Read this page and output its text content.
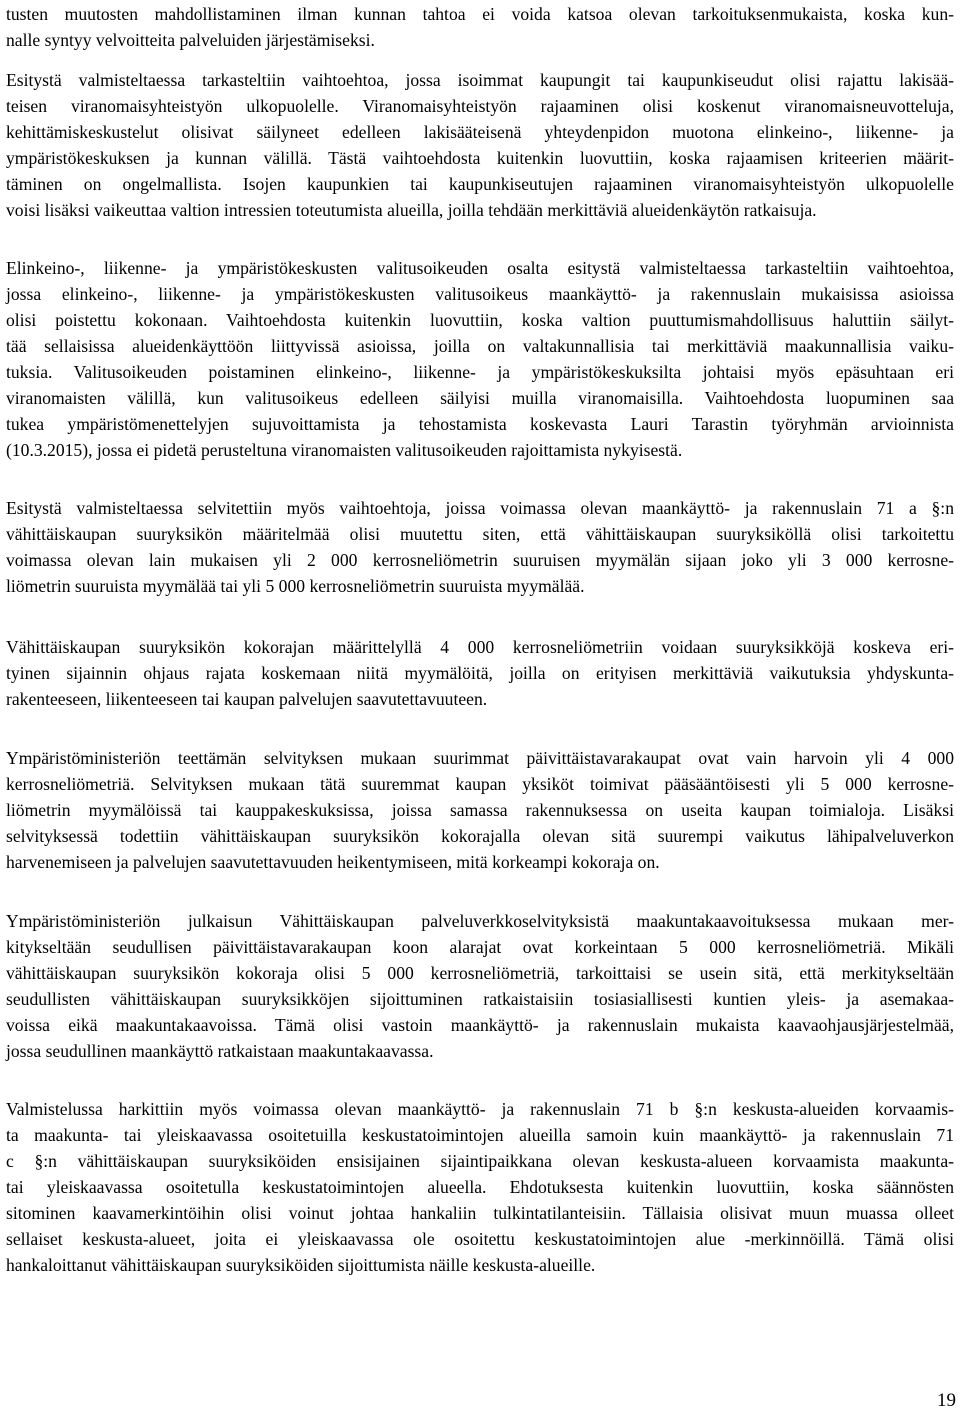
tusten muutosten mahdollistaminen ilman kunnan tahtoa ei voida katsoa olevan tarkoituksenmukaista, koska kun-
nalle syntyy velvoitteita palveluiden järjestämiseksi.
Esitystä valmisteltaessa tarkasteltiin vaihtoehtoa, jossa isoimmat kaupungit tai kaupunkiseudut olisi rajattu lakisää-
teisen viranomaisyhteistyön ulkopuolelle. Viranomaisyhteistyön rajaaminen olisi koskenut viranomaisneuvotteluja,
kehittämiskeskustelut olisivat säilyneet edelleen lakisääteisenä yhteydenpidon muotona elinkeino-, liikenne- ja
ympäristökeskuksen ja kunnan välillä. Tästä vaihtoehdosta kuitenkin luovuttiin, koska rajaamisen kriteerien määrit-
täminen on ongelmallista. Isojen kaupunkien tai kaupunkiseutujen rajaaminen viranomaisyhteistyön ulkopuolelle
voisi lisäksi vaikeuttaa valtion intressien toteutumista alueilla, joilla tehdään merkittäviä alueidenkäytön ratkaisuja.
Elinkeino-, liikenne- ja ympäristökeskusten valitusoikeuden osalta esitystä valmisteltaessa tarkasteltiin vaihtoehtoa,
jossa elinkeino-, liikenne- ja ympäristökeskusten valitusoikeus maankäyttö- ja rakennuslain mukaisissa asioissa
olisi poistettu kokonaan. Vaihtoehdosta kuitenkin luovuttiin, koska valtion puuttumismahdollisuus haluttiin säilyt-
tää sellaisissa alueidenkäyttöön liittyvissä asioissa, joilla on valtakunnallisia tai merkittäviä maakunnallisia vaiku-
tuksia. Valitusoikeuden poistaminen elinkeino-, liikenne- ja ympäristökeskuksilta johtaisi myös epäsuhtaan eri
viranomaisten välillä, kun valitusoikeus edelleen säilyisi muilla viranomaisilla. Vaihtoehdosta luopuminen saa
tukea ympäristömenettelyjen sujuvoittamista ja tehostamista koskevasta Lauri Tarastin työryhmän arvioinnista
(10.3.2015), jossa ei pidetä perusteltuna viranomaisten valitusoikeuden rajoittamista nykyisestä.
Esitystä valmisteltaessa selvitettiin myös vaihtoehtoja, joissa voimassa olevan maankäyttö- ja rakennuslain 71 a §:n
vähittäiskaupan suuryksikön määritelmää olisi muutettu siten, että vähittäiskaupan suuryksiköllä olisi tarkoitettu
voimassa olevan lain mukaisen yli 2 000 kerrosneliömetrin suuruisen myymälän sijaan joko yli 3 000 kerrosne-
liömetrin suuruista myymälää tai yli 5 000 kerrosneliömetrin suuruista myymälää.
Vähittäiskaupan suuryksikön kokorajan määrittelyllä 4 000 kerrosneliömetriin voidaan suuryksikköjä koskeva eri-
tyinen sijainnin ohjaus rajata koskemaan niitä myymälöitä, joilla on erityisen merkittäviä vaikutuksia yhdyskunta-
rakenteeseen, liikenteeseen tai kaupan palvelujen saavutettavuuteen.
Ympäristöministeriön teettämän selvityksen mukaan suurimmat päivittäistavarakaupat ovat vain harvoin yli 4 000
kerrosneliömetriä. Selvityksen mukaan tätä suuremmat kaupan yksiköt toimivat pääsääntöisesti yli 5 000 kerrosne-
liömetrin myymälöissä tai kauppakeskuksissa, joissa samassa rakennuksessa on useita kaupan toimialoja. Lisäksi
selvityksessä todettiin vähittäiskaupan suuryksikön kokorajalla olevan sitä suurempi vaikutus lähipalveluverkon
harvenemiseen ja palvelujen saavutettavuuden heikentymiseen, mitä korkeampi kokoraja on.
Ympäristöministeriön julkaisun Vähittäiskaupan palveluverkkoselvityksistä maakuntakaavoituksessa mukaan mer-
kitykseltään seudullisen päivittäistavarakaupan koon alarajat ovat korkeintaan 5 000 kerrosneliömetriä. Mikäli
vähittäiskaupan suuryksikön kokoraja olisi 5 000 kerrosneliömetriä, tarkoittaisi se usein sitä, että merkitykseltään
seudullisten vähittäiskaupan suuryksikköjen sijoittuminen ratkaistaisiin tosiasiallisesti kuntien yleis- ja asemakaa-
voissa eikä maakuntakaavoissa. Tämä olisi vastoin maankäyttö- ja rakennuslain mukaista kaavaohjausjärjestelmää,
jossa seudullinen maankäyttö ratkaistaan maakuntakaavassa.
Valmistelussa harkittiin myös voimassa olevan maankäyttö- ja rakennuslain 71 b §:n keskusta-alueiden korvaamis-
ta maakunta- tai yleiskaavassa osoitetuilla keskustatoimintojen alueilla samoin kuin maankäyttö- ja rakennuslain 71
c §:n vähittäiskaupan suuryksiköiden ensisijainen sijaintipaikkana olevan keskusta-alueen korvaamista maakunta-
tai yleiskaavassa osoitetulla keskustatoimintojen alueella. Ehdotuksesta kuitenkin luovuttiin, koska säännösten
sitominen kaavamerkintöihin olisi voinut johtaa hankaliin tulkintatilanteisiin. Tällaisia olisivat muun muassa olleet
sellaiset keskusta-alueet, joita ei yleiskaavassa ole osoitettu keskustatoimintojen alue -merkinnöillä. Tämä olisi
hankaloittanut vähittäiskaupan suuryksiköiden sijoittumista näille keskusta-alueille.
19
